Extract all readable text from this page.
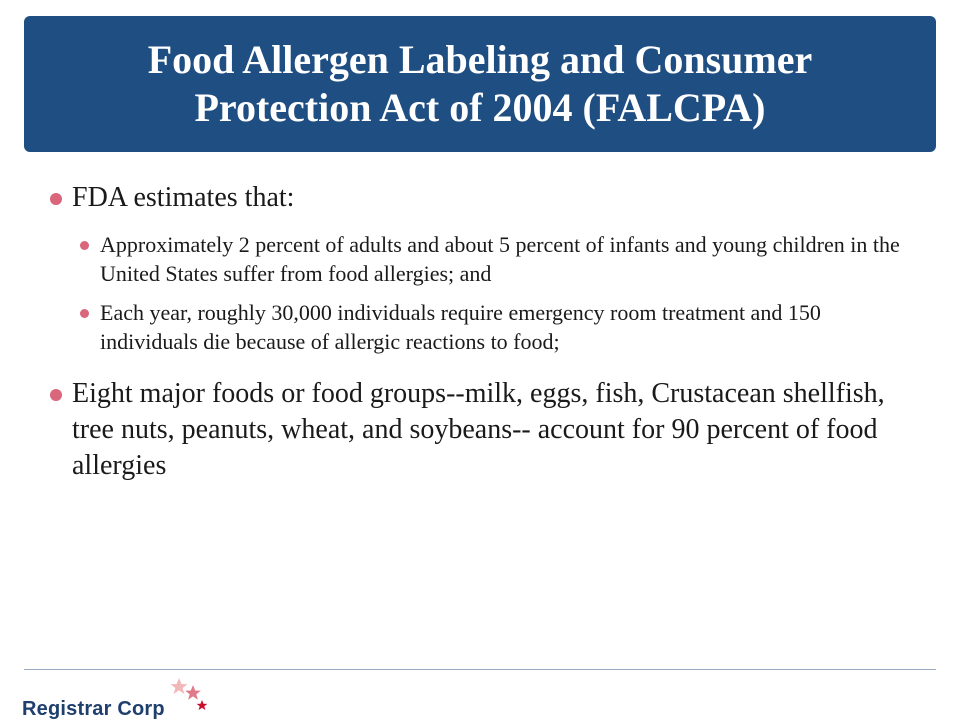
Food Allergen Labeling and Consumer
Protection Act of 2004 (FALCPA)
FDA estimates that:
Approximately 2 percent of adults and about 5 percent of infants and young children in the United States suffer from food allergies; and
Each year, roughly 30,000 individuals require emergency room treatment and 150 individuals die because of allergic reactions to food;
Eight major foods or food groups--milk, eggs, fish, Crustacean shellfish, tree nuts, peanuts, wheat, and soybeans-- account for 90 percent of food allergies
Registrar Corp
